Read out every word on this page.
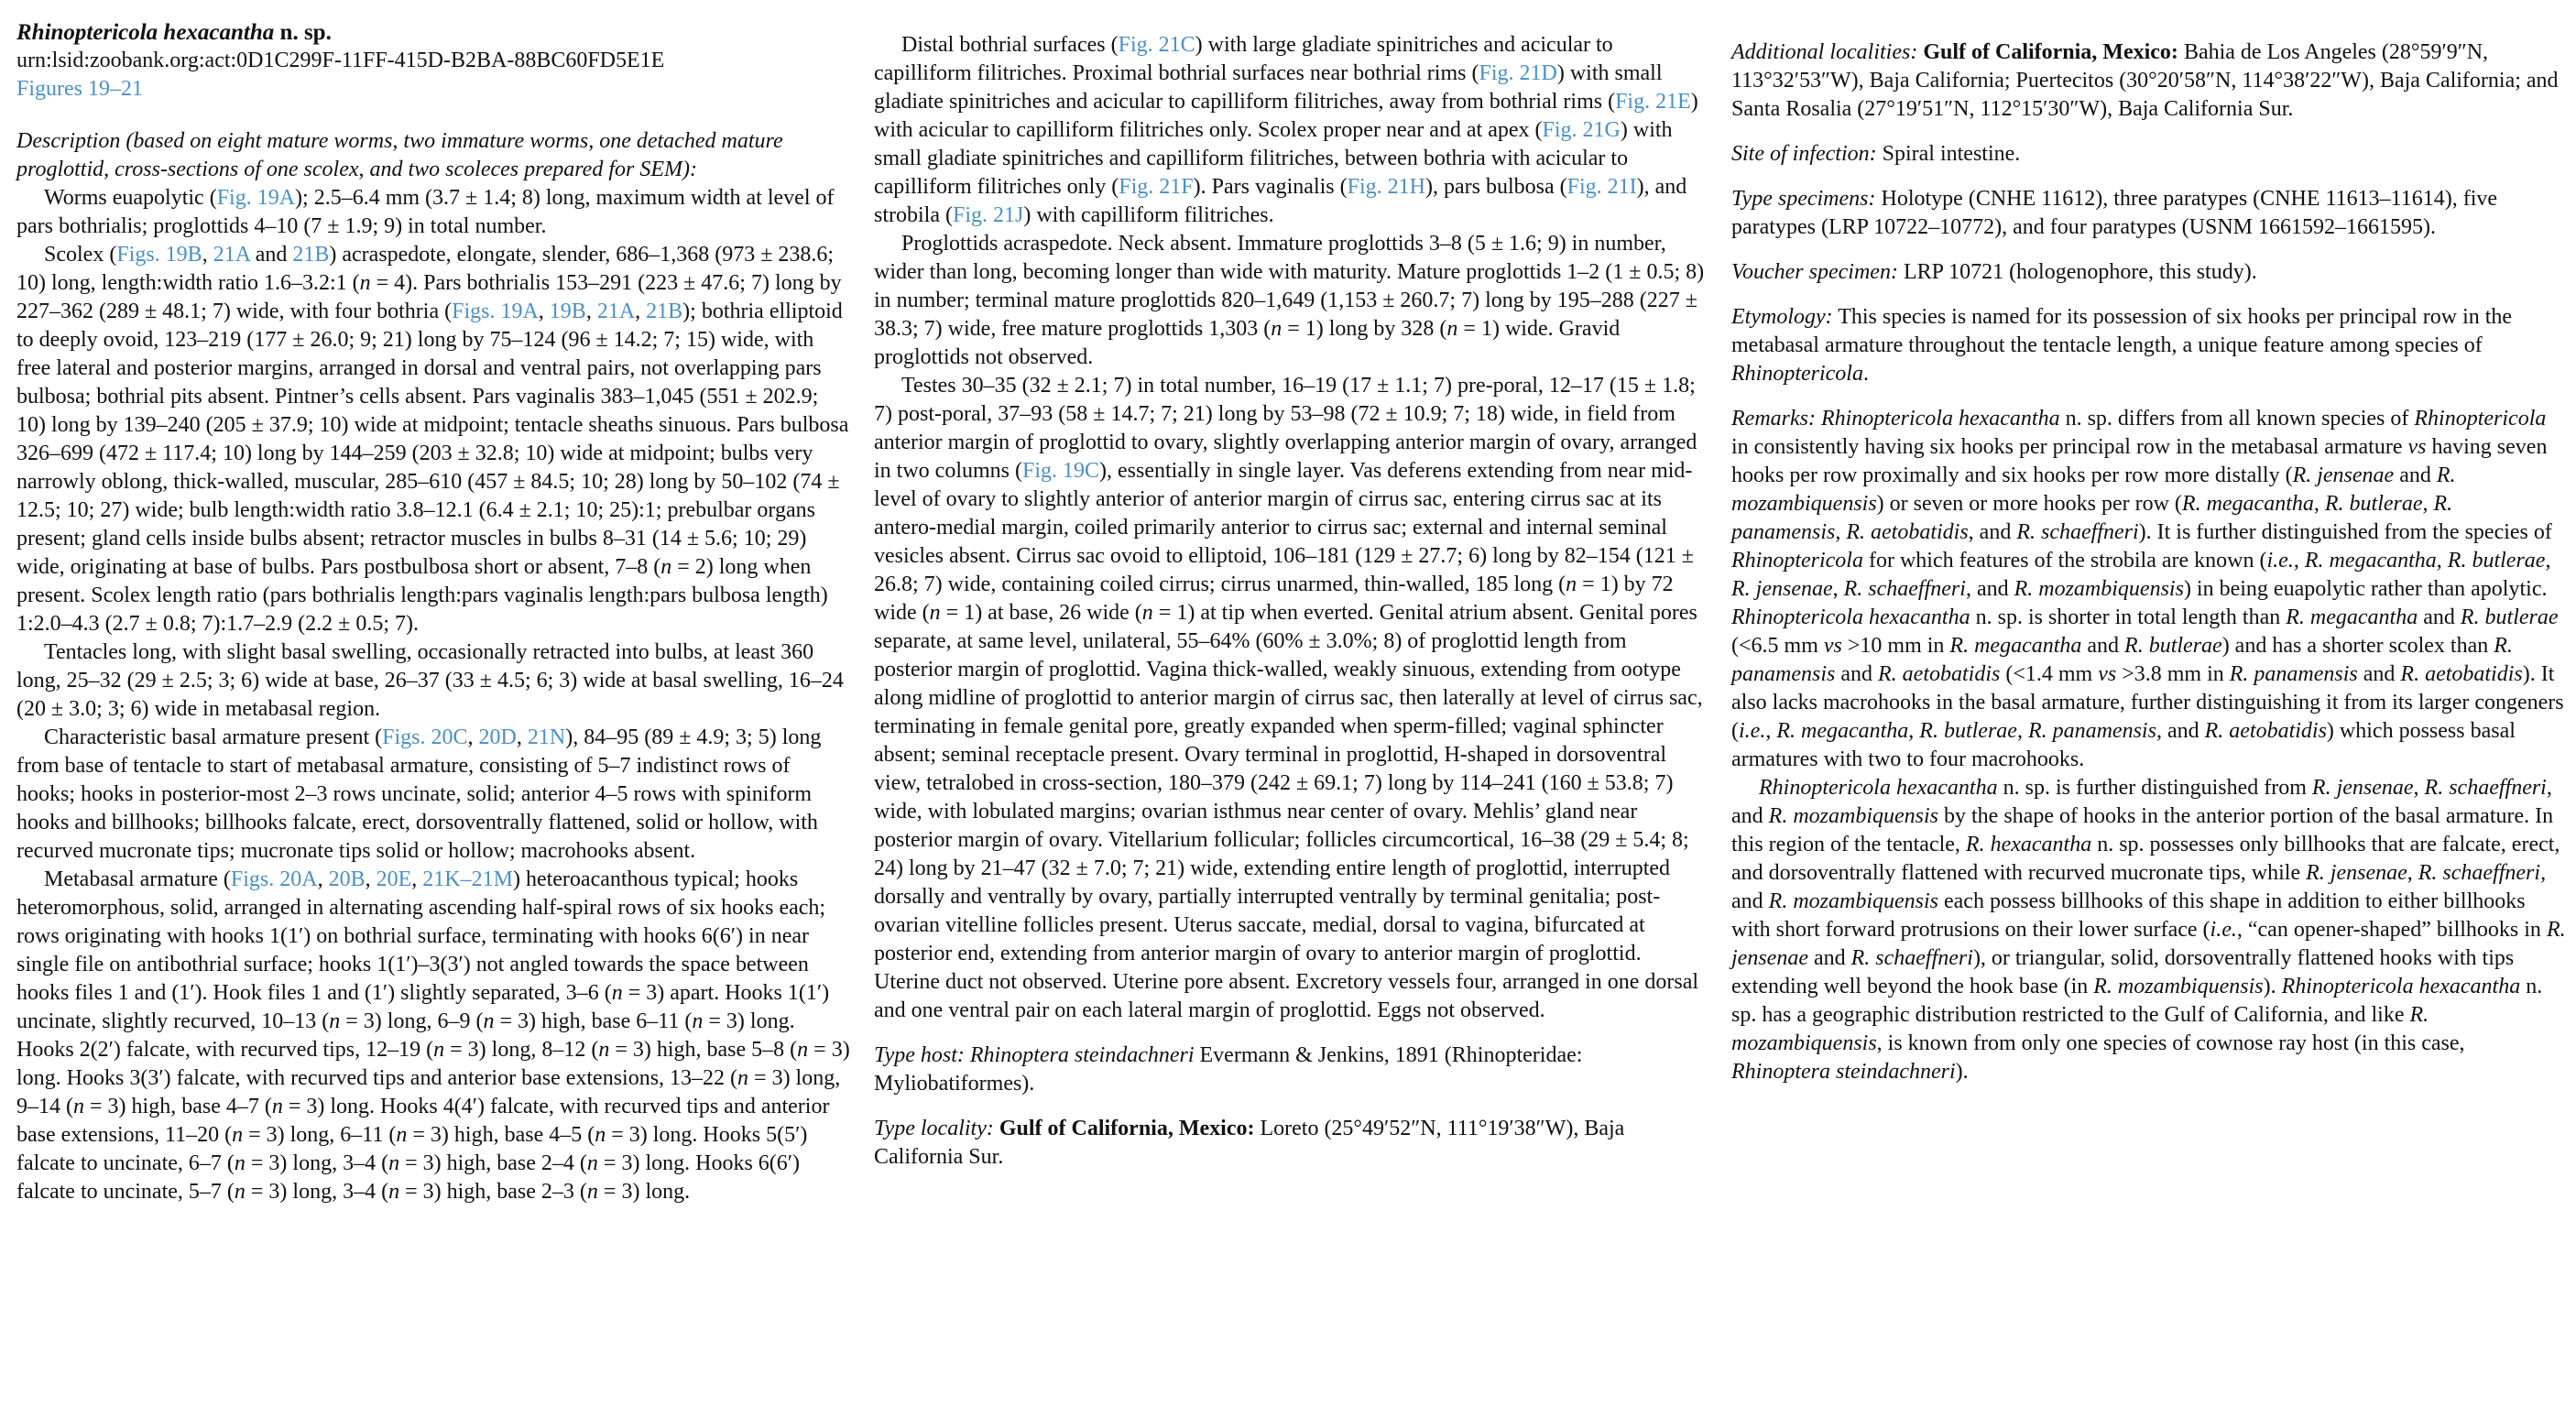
Rhinoptericola hexacantha n. sp.

urn:lsid:zoobank.org:act:0D1C299F-11FF-415D-B2BA-88BC60FD5E1E

Figures 19–21

Description (based on eight mature worms, two immature worms, one detached mature proglottid, cross-sections of one scolex, and two scoleces prepared for SEM):

Worms euapolytic (Fig. 19A); 2.5–6.4 mm (3.7 ± 1.4; 8) long, maximum width at level of pars bothrialis; proglottids 4–10 (7 ± 1.9; 9) in total number.

Scolex (Figs. 19B, 21A and 21B) acraspedote, elongate, slender, 686–1,368 (973 ± 238.6; 10) long, length:width ratio 1.6–3.2:1 (n = 4). Pars bothrialis 153–291 (223 ± 47.6; 7) long by 227–362 (289 ± 48.1; 7) wide, with four bothria (Figs. 19A, 19B, 21A, 21B); bothria elliptoid to deeply ovoid, 123–219 (177 ± 26.0; 9; 21) long by 75–124 (96 ± 14.2; 7; 15) wide, with free lateral and posterior margins, arranged in dorsal and ventral pairs, not overlapping pars bulbosa; bothrial pits absent. Pintner’s cells absent. Pars vaginalis 383–1,045 (551 ± 202.9; 10) long by 139–240 (205 ± 37.9; 10) wide at midpoint; tentacle sheaths sinuous. Pars bulbosa 326–699 (472 ± 117.4; 10) long by 144–259 (203 ± 32.8; 10) wide at midpoint; bulbs very narrowly oblong, thick-walled, muscular, 285–610 (457 ± 84.5; 10; 28) long by 50–102 (74 ± 12.5; 10; 27) wide; bulb length:width ratio 3.8–12.1 (6.4 ± 2.1; 10; 25):1; prebulbar organs present; gland cells inside bulbs absent; retractor muscles in bulbs 8–31 (14 ± 5.6; 10; 29) wide, originating at base of bulbs. Pars postbulbosa short or absent, 7–8 (n = 2) long when present. Scolex length ratio (pars bothrialis length:pars vaginalis length:pars bulbosa length) 1:2.0–4.3 (2.7 ± 0.8; 7):1.7–2.9 (2.2 ± 0.5; 7).

Tentacles long, with slight basal swelling, occasionally retracted into bulbs, at least 360 long, 25–32 (29 ± 2.5; 3; 6) wide at base, 26–37 (33 ± 4.5; 6; 3) wide at basal swelling, 16–24 (20 ± 3.0; 3; 6) wide in metabasal region.

Characteristic basal armature present (Figs. 20C, 20D, 21N), 84–95 (89 ± 4.9; 3; 5) long from base of tentacle to start of metabasal armature, consisting of 5–7 indistinct rows of hooks; hooks in posterior-most 2–3 rows uncinate, solid; anterior 4–5 rows with spiniform hooks and billhooks; billhooks falcate, erect, dorsoventrally flattened, solid or hollow, with recurved mucronate tips; mucronate tips solid or hollow; macrohooks absent.

Metabasal armature (Figs. 20A, 20B, 20E, 21K–21M) heteroacanthous typical; hooks heteromorphous, solid, arranged in alternating ascending half-spiral rows of six hooks each; rows originating with hooks 1(1′) on bothrial surface, terminating with hooks 6(6′) in near single file on antibothrial surface; hooks 1(1′)–3(3′) not angled towards the space between hooks files 1 and (1′). Hook files 1 and (1′) slightly separated, 3–6 (n = 3) apart. Hooks 1(1′) uncinate, slightly recurved, 10–13 (n = 3) long, 6–9 (n = 3) high, base 6–11 (n = 3) long. Hooks 2(2′) falcate, with recurved tips, 12–19 (n = 3) long, 8–12 (n = 3) high, base 5–8 (n = 3) long. Hooks 3(3′) falcate, with recurved tips and anterior base extensions, 13–22 (n = 3) long, 9–14 (n = 3) high, base 4–7 (n = 3) long. Hooks 4(4′) falcate, with recurved tips and anterior base extensions, 11–20 (n = 3) long, 6–11 (n = 3) high, base 4–5 (n = 3) long. Hooks 5(5′) falcate to uncinate, 6–7 (n = 3) long, 3–4 (n = 3) high, base 2–4 (n = 3) long. Hooks 6(6′) falcate to uncinate, 5–7 (n = 3) long, 3–4 (n = 3) high, base 2–3 (n = 3) long.

Distal bothrial surfaces (Fig. 21C) with large gladiate spinitriches and acicular to capilliform filitriches. Proximal bothrial surfaces near bothrial rims (Fig. 21D) with small gladiate spinitriches and acicular to capilliform filitriches, away from bothrial rims (Fig. 21E) with acicular to capilliform filitriches only. Scolex proper near and at apex (Fig. 21G) with small gladiate spinitriches and capilliform filitriches, between bothria with acicular to capilliform filitriches only (Fig. 21F). Pars vaginalis (Fig. 21H), pars bulbosa (Fig. 21I), and strobila (Fig. 21J) with capilliform filitriches.

Proglottids acraspedote. Neck absent. Immature proglottids 3–8 (5 ± 1.6; 9) in number, wider than long, becoming longer than wide with maturity. Mature proglottids 1–2 (1 ± 0.5; 8) in number; terminal mature proglottids 820–1,649 (1,153 ± 260.7; 7) long by 195–288 (227 ± 38.3; 7) wide, free mature proglottids 1,303 (n = 1) long by 328 (n = 1) wide. Gravid proglottids not observed.

Testes 30–35 (32 ± 2.1; 7) in total number, 16–19 (17 ± 1.1; 7) pre-poral, 12–17 (15 ± 1.8; 7) post-poral, 37–93 (58 ± 14.7; 7; 21) long by 53–98 (72 ± 10.9; 7; 18) wide, in field from anterior margin of proglottid to ovary, slightly overlapping anterior margin of ovary, arranged in two columns (Fig. 19C), essentially in single layer. Vas deferens extending from near mid-level of ovary to slightly anterior of anterior margin of cirrus sac, entering cirrus sac at its antero-medial margin, coiled primarily anterior to cirrus sac; external and internal seminal vesicles absent. Cirrus sac ovoid to elliptoid, 106–181 (129 ± 27.7; 6) long by 82–154 (121 ± 26.8; 7) wide, containing coiled cirrus; cirrus unarmed, thin-walled, 185 long (n = 1) by 72 wide (n = 1) at base, 26 wide (n = 1) at tip when everted. Genital atrium absent. Genital pores separate, at same level, unilateral, 55–64% (60% ± 3.0%; 8) of proglottid length from posterior margin of proglottid. Vagina thick-walled, weakly sinuous, extending from ootype along midline of proglottid to anterior margin of cirrus sac, then laterally at level of cirrus sac, terminating in female genital pore, greatly expanded when sperm-filled; vaginal sphincter absent; seminal receptacle present. Ovary terminal in proglottid, H-shaped in dorsoventral view, tetralobed in cross-section, 180–379 (242 ± 69.1; 7) long by 114–241 (160 ± 53.8; 7) wide, with lobulated margins; ovarian isthmus near center of ovary. Mehlis’ gland near posterior margin of ovary. Vitellarium follicular; follicles circumcortical, 16–38 (29 ± 5.4; 8; 24) long by 21–47 (32 ± 7.0; 7; 21) wide, extending entire length of proglottid, interrupted dorsally and ventrally by ovary, partially interrupted ventrally by terminal genitalia; post-ovarian vitelline follicles present. Uterus saccate, medial, dorsal to vagina, bifurcated at posterior end, extending from anterior margin of ovary to anterior margin of proglottid. Uterine duct not observed. Uterine pore absent. Excretory vessels four, arranged in one dorsal and one ventral pair on each lateral margin of proglottid. Eggs not observed.

Type host: Rhinoptera steindachneri Evermann & Jenkins, 1891 (Rhinopteridae: Myliobatiformes).

Type locality: Gulf of California, Mexico: Loreto (25°49′52″N, 111°19′38″W), Baja California Sur.

Additional localities: Gulf of California, Mexico: Bahia de Los Angeles (28°59′9″N, 113°32′53″W), Baja California; Puertecitos (30°20′58″N, 114°38′22″W), Baja California; and Santa Rosalia (27°19′51″N, 112°15′30″W), Baja California Sur.

Site of infection: Spiral intestine.

Type specimens: Holotype (CNHE 11612), three paratypes (CNHE 11613–11614), five paratypes (LRP 10722–10772), and four paratypes (USNM 1661592–1661595).

Voucher specimen: LRP 10721 (hologenophore, this study).

Etymology: This species is named for its possession of six hooks per principal row in the metabasal armature throughout the tentacle length, a unique feature among species of Rhinoptericola.

Remarks: Rhinoptericola hexacantha n. sp. differs from all known species of Rhinoptericola in consistently having six hooks per principal row in the metabasal armature vs having seven hooks per row proximally and six hooks per row more distally (R. jensenae and R. mozambiquensis) or seven or more hooks per row (R. megacantha, R. butlerae, R. panamensis, R. aetobatidis, and R. schaeffneri). It is further distinguished from the species of Rhinoptericola for which features of the strobila are known (i.e., R. megacantha, R. butlerae, R. jensenae, R. schaeffneri, and R. mozambiquensis) in being euapolytic rather than apolytic. Rhinoptericola hexacantha n. sp. is shorter in total length than R. megacantha and R. butlerae (<6.5 mm vs >10 mm in R. megacantha and R. butlerae) and has a shorter scolex than R. panamensis and R. aetobatidis (<1.4 mm vs >3.8 mm in R. panamensis and R. aetobatidis). It also lacks macrohooks in the basal armature, further distinguishing it from its larger congeners (i.e., R. megacantha, R. butlerae, R. panamensis, and R. aetobatidis) which possess basal armatures with two to four macrohooks.

Rhinoptericola hexacantha n. sp. is further distinguished from R. jensenae, R. schaeffneri, and R. mozambiquensis by the shape of hooks in the anterior portion of the basal armature. In this region of the tentacle, R. hexacantha n. sp. possesses only billhooks that are falcate, erect, and dorsoventrally flattened with recurved mucronate tips, while R. jensenae, R. schaeffneri, and R. mozambiquensis each possess billhooks of this shape in addition to either billhooks with short forward protrusions on their lower surface (i.e., “can opener-shaped” billhooks in R. jensenae and R. schaeffneri), or triangular, solid, dorsoventrally flattened hooks with tips extending well beyond the hook base (in R. mozambiquensis). Rhinoptericola hexacantha n. sp. has a geographic distribution restricted to the Gulf of California, and like R. mozambiquensis, is known from only one species of cownose ray host (in this case, Rhinoptera steindachneri).
